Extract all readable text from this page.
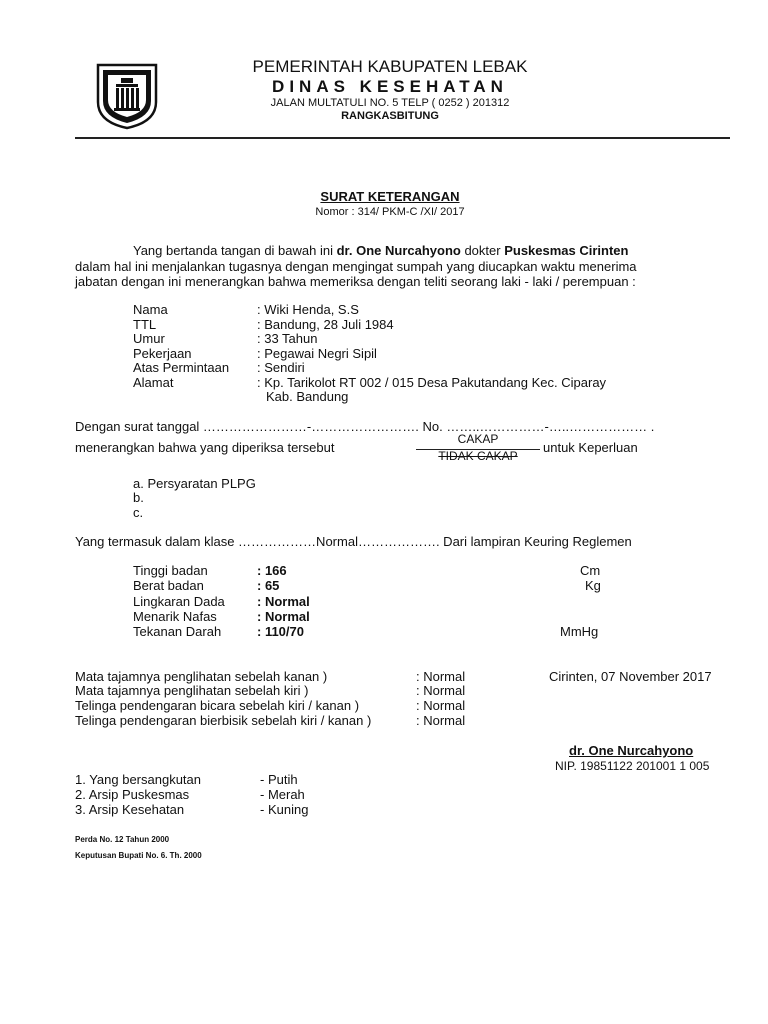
PEMERINTAH KABUPATEN LEBAK
DINAS KESEHATAN
JALAN MULTATULI NO. 5 TELP ( 0252 ) 201312
RANGKASBITUNG
SURAT KETERANGAN
Nomor : 314/ PKM-C /XI/ 2017
Yang bertanda tangan di bawah ini dr. One Nurcahyono dokter Puskesmas Cirinten
dalam hal ini menjalankan tugasnya dengan mengingat sumpah yang diucapkan waktu menerima
jabatan dengan ini menerangkan bahwa memeriksa dengan teliti seorang laki - laki / perempuan :
Nama	: Wiki Henda, S.S
TTL	: Bandung, 28 Juli 1984
Umur	: 33 Tahun
Pekerjaan	: Pegawai Negri Sipil
Atas Permintaan : Sendiri
Alamat	: Kp. Tarikolot RT 002 / 015 Desa Pakutandang Kec. Ciparay
Kab. Bandung
Dengan surat tanggal ……………………-……………………. No. ……..……………-…..……………… .
menerangkan bahwa yang diperiksa tersebut
CAKAP
TIDAK CAKAP
untuk Keperluan
a. Persyaratan PLPG
b.
c.
Yang termasuk dalam klase ………………Normal………………. Dari lampiran Keuring Reglemen
Tinggi badan	: 166	Cm
Berat badan	: 65	Kg
Lingkaran Dada : Normal
Menarik Nafas	: Normal
Tekanan Darah	: 110/70	MmHg
Mata tajamnya penglihatan sebelah kanan )	: Normal
Mata tajamnya penglihatan sebelah kiri )	: Normal
Telinga pendengaran bicara sebelah kiri / kanan )	: Normal
Telinga pendengaran bierbisik sebelah kiri / kanan )	: Normal
Cirinten, 07 November 2017
dr. One Nurcahyono
NIP. 19851122 201001 1 005
1. Yang bersangkutan	- Putih
2. Arsip Puskesmas	- Merah
3. Arsip Kesehatan	- Kuning
Perda No. 12 Tahun 2000
Keputusan Bupati No. 6. Th. 2000
